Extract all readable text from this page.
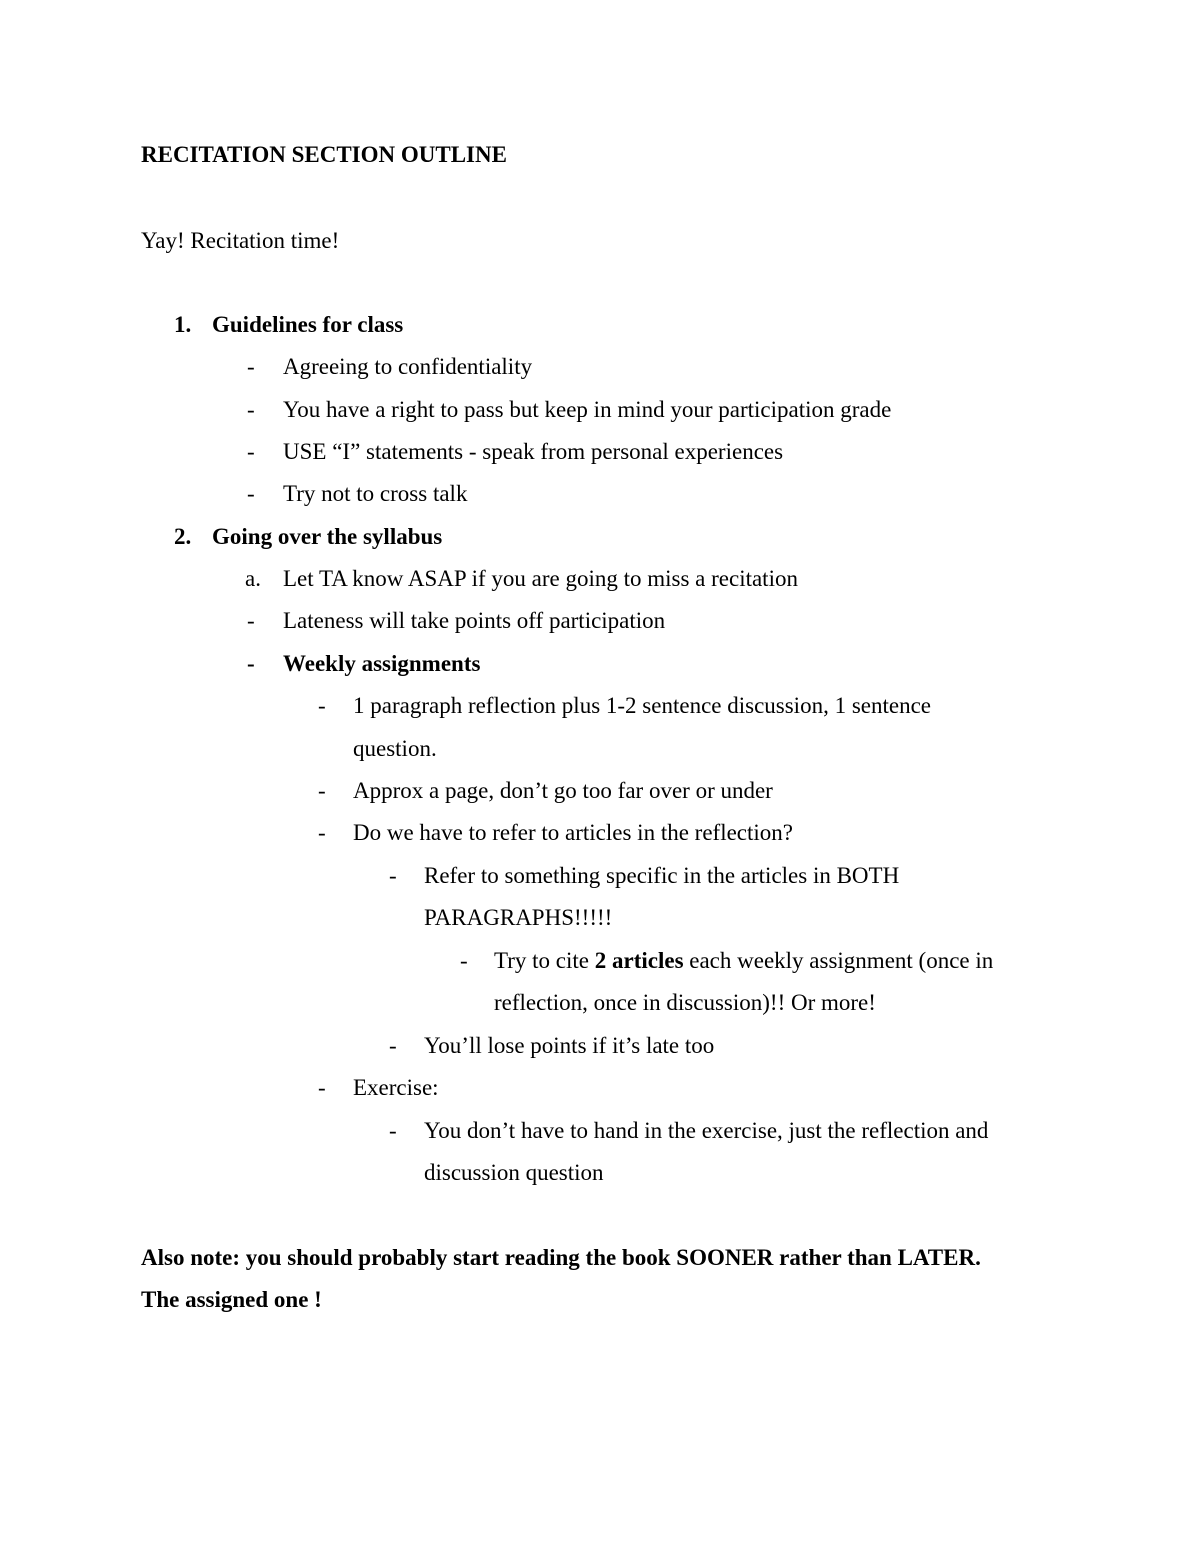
RECITATION SECTION OUTLINE
Yay! Recitation time!
1. Guidelines for class
- Agreeing to confidentiality
- You have a right to pass but keep in mind your participation grade
- USE “I” statements - speak from personal experiences
- Try not to cross talk
2. Going over the syllabus
a. Let TA know ASAP if you are going to miss a recitation
- Lateness will take points off participation
- Weekly assignments
- 1 paragraph reflection plus 1-2 sentence discussion, 1 sentence
question.
- Approx a page, don’t go too far over or under
- Do we have to refer to articles in the reflection?
- Refer to something specific in the articles in BOTH
PARAGRAPHS!!!!!
- Try to cite 2 articles each weekly assignment (once in
reflection, once in discussion)!! Or more!
- You’ll lose points if it’s late too
- Exercise:
- You don’t have to hand in the exercise, just the reflection and
discussion question
Also note: you should probably start reading the book SOONER rather than LATER.
The assigned one !
